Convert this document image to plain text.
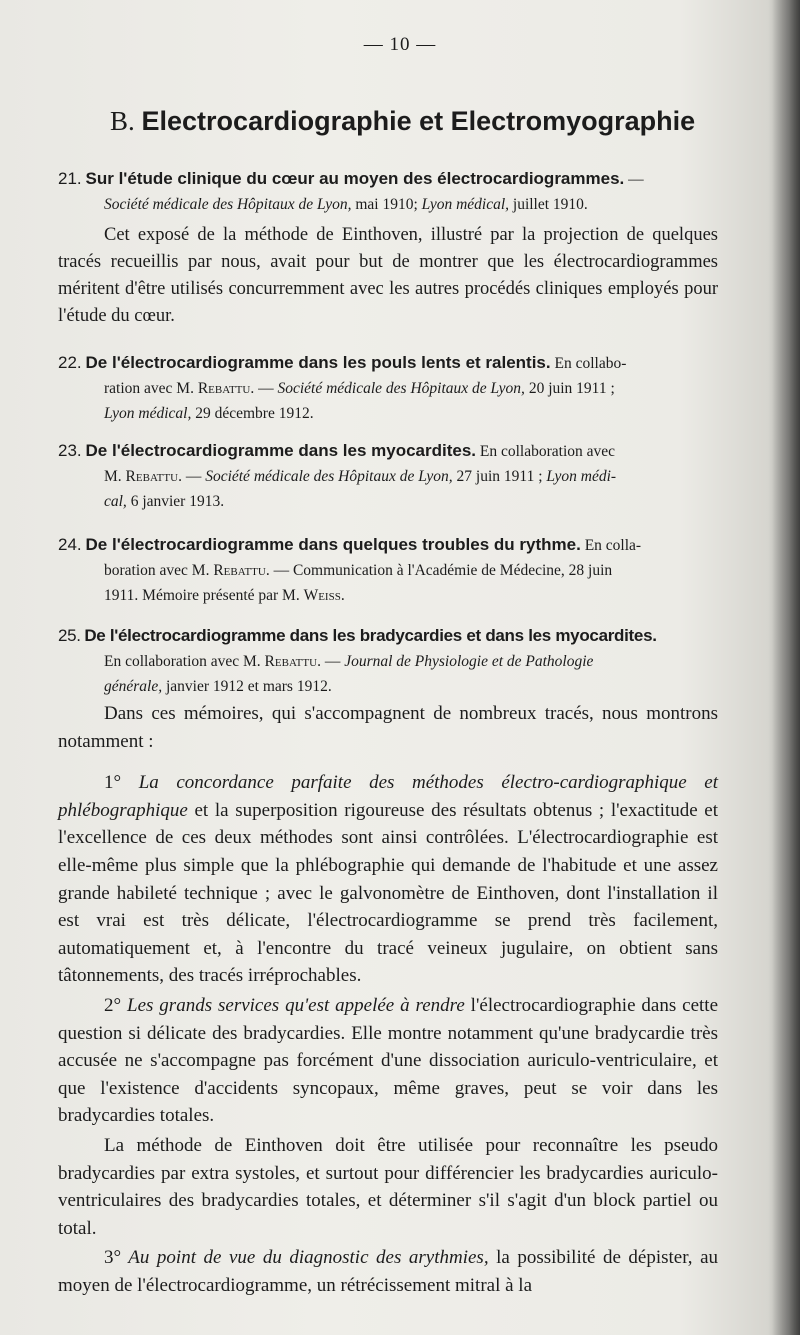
— 10 —
B. Electrocardiographie et Electromyographie
21. Sur l'étude clinique du cœur au moyen des électrocardiogrammes. —
Société médicale des Hôpitaux de Lyon, mai 1910; Lyon médical, juillet 1910.
Cet exposé de la méthode de Einthoven, illustré par la projection de quelques tracés recueillis par nous, avait pour but de montrer que les électrocardiogrammes méritent d'être utilisés concurremment avec les autres procédés cliniques employés pour l'étude du cœur.
22. De l'électrocardiogramme dans les pouls lents et ralentis. En collabo-
ration avec M. Rebattu. — Société médicale des Hôpitaux de Lyon, 20 juin 1911 ;
Lyon médical, 29 décembre 1912.
23. De l'électrocardiogramme dans les myocardites. En collaboration avec
M. Rebattu. — Société médicale des Hôpitaux de Lyon, 27 juin 1911 ; Lyon médi-
cal, 6 janvier 1913.
24. De l'électrocardiogramme dans quelques troubles du rythme. En colla-
boration avec M. Rebattu. — Communication à l'Académie de Médecine, 28 juin
1911. Mémoire présenté par M. Weiss.
25. De l'électrocardiogramme dans les bradycardies et dans les myocardites.
En collaboration avec M. Rebattu. — Journal de Physiologie et de Pathologie
générale, janvier 1912 et mars 1912.

Dans ces mémoires, qui s'accompagnent de nombreux tracés, nous montrons notamment :

1° La concordance parfaite des méthodes électro-cardiographique et phlébographique et la superposition rigoureuse des résultats obtenus ; l'exactitude et l'excellence de ces deux méthodes sont ainsi contrôlées. L'électrocardiographie est elle-même plus simple que la phlébographie qui demande de l'habitude et une assez grande habileté technique ; avec le galvonomètre de Einthoven, dont l'installation il est vrai est très délicate, l'électrocardiogramme se prend très facilement, automatiquement et, à l'encontre du tracé veineux jugulaire, on obtient sans tâtonnements, des tracés irréprochables.

2° Les grands services qu'est appelée à rendre l'électrocardiographie dans cette question si délicate des bradycardies. Elle montre notamment qu'une bradycardie très accusée ne s'accompagne pas forcément d'une dissociation auriculo-ventriculaire, et que l'existence d'accidents syncopaux, même graves, peut se voir dans les bradycardies totales.

La méthode de Einthoven doit être utilisée pour reconnaître les pseudo bradycardies par extra systoles, et surtout pour différencier les bradycardies auriculo-ventriculaires des bradycardies totales, et déterminer s'il s'agit d'un block partiel ou total.

3° Au point de vue du diagnostic des arythmies, la possibilité de dépister, au moyen de l'électrocardiogramme, un rétrécissement mitral à la
